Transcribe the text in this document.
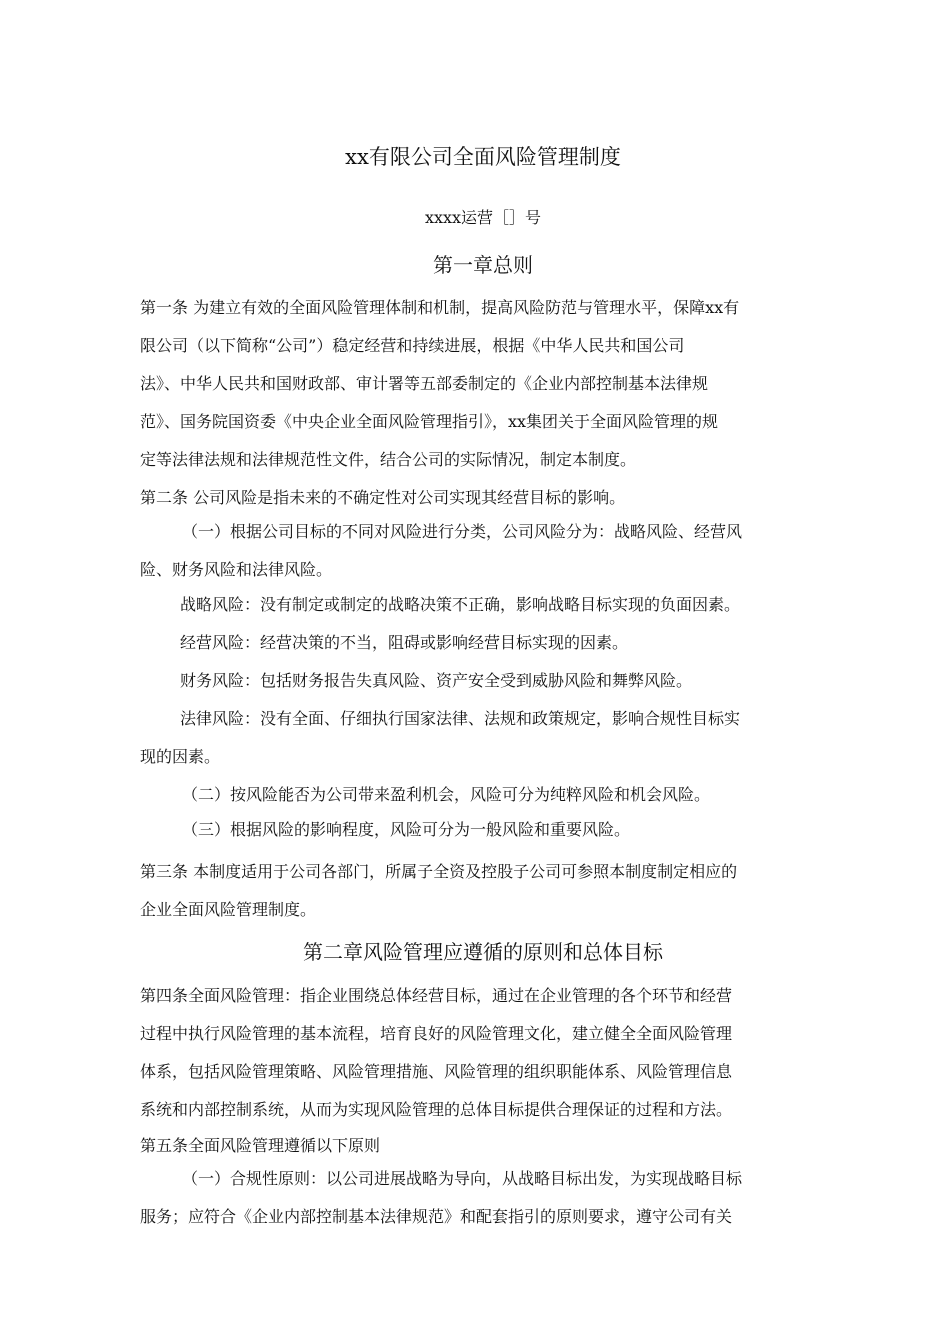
xx有限公司全面风险管理制度
xxxx运营［］号
第一章总则
第一条 为建立有效的全面风险管理体制和机制，提高风险防范与管理水平，保障xx有
限公司（以下简称“公司”）稳定经营和持续进展，根据《中华人民共和国公司
法》、中华人民共和国财政部、审计署等五部委制定的《企业内部控制基本法律规
范》、国务院国资委《中央企业全面风险管理指引》，xx集团关于全面风险管理的规
定等法律法规和法律规范性文件，结合公司的实际情况，制定本制度。
第二条 公司风险是指未来的不确定性对公司实现其经营目标的影响。
（一）根据公司目标的不同对风险进行分类，公司风险分为：战略风险、经营风
险、财务风险和法律风险。
战略风险：没有制定或制定的战略决策不正确，影响战略目标实现的负面因素。
经营风险：经营决策的不当，阻碍或影响经营目标实现的因素。
财务风险：包括财务报告失真风险、资产安全受到威胁风险和舞弊风险。
法律风险：没有全面、仔细执行国家法律、法规和政策规定，影响合规性目标实
现的因素。
（二）按风险能否为公司带来盈利机会，风险可分为纯粹风险和机会风险。
（三）根据风险的影响程度，风险可分为一般风险和重要风险。
第三条 本制度适用于公司各部门，所属子全资及控股子公司可参照本制度制定相应的
企业全面风险管理制度。
第二章风险管理应遵循的原则和总体目标
第四条全面风险管理：指企业围绕总体经营目标，通过在企业管理的各个环节和经营
过程中执行风险管理的基本流程，培育良好的风险管理文化，建立健全全面风险管理
体系，包括风险管理策略、风险管理措施、风险管理的组织职能体系、风险管理信息
系统和内部控制系统，从而为实现风险管理的总体目标提供合理保证的过程和方法。
第五条全面风险管理遵循以下原则
（一）合规性原则：以公司进展战略为导向，从战略目标出发，为实现战略目标
服务；应符合《企业内部控制基本法律规范》和配套指引的原则要求，遵守公司有关
